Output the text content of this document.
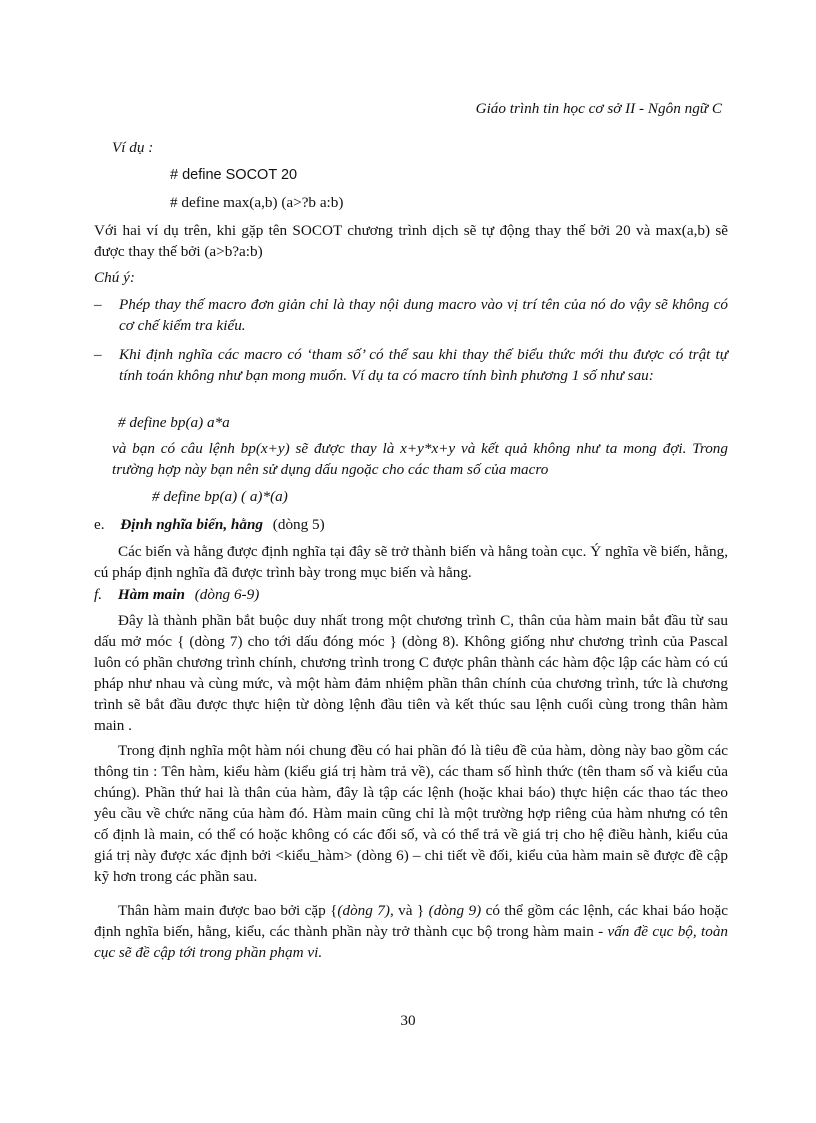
Giáo trình tin học cơ sở II - Ngôn ngữ C
Ví dụ :
# define SOCOT 20
# define max(a,b) (a>?b a:b)
Với hai ví dụ trên, khi gặp tên SOCOT chương trình dịch sẽ tự động thay thế bởi 20 và max(a,b) sẽ được thay thế bởi (a>b?a:b)
Chú ý:
– Phép thay thế macro đơn giản chỉ là thay nội dung macro vào vị trí tên của nó do vậy sẽ không có cơ chế kiểm tra kiểu.
– Khi định nghĩa các macro có ‘tham số’ có thể sau khi thay thế biểu thức mới thu được có trật tự tính toán không như bạn mong muốn. Ví dụ ta có macro tính bình phương 1 số như sau:
# define bp(a) a*a
và bạn có câu lệnh bp(x+y) sẽ được thay là x+y*x+y và kết quả không như ta mong đợi. Trong trường hợp này bạn nên sử dụng dấu ngoặc cho các tham số của macro
# define bp(a) ( a)*(a)
e. Định nghĩa biến, hằng (dòng 5)
Các biến và hằng được định nghĩa tại đây sẽ trở thành biến và hằng toàn cục. Ý nghĩa về biến, hằng, cú pháp định nghĩa đã được trình bày trong mục biến và hằng.
f. Hàm main (dòng 6-9)
Đây là thành phần bắt buộc duy nhất trong một chương trình C, thân của hàm main bắt đầu từ sau dấu mở móc { (dòng 7) cho tới dấu đóng móc } (dòng 8). Không giống như chương trình của Pascal luôn có phần chương trình chính, chương trình trong C được phân thành các hàm độc lập các hàm có cú pháp như nhau và cùng mức, và một hàm đảm nhiệm phần thân chính của chương trình, tức là chương trình sẽ bắt đầu được thực hiện từ dòng lệnh đầu tiên và kết thúc sau lệnh cuối cùng trong thân hàm main .
Trong định nghĩa một hàm nói chung đều có hai phần đó là tiêu đề của hàm, dòng này bao gồm các thông tin : Tên hàm, kiểu hàm (kiểu giá trị hàm trả về), các tham số hình thức (tên tham số và kiểu của chúng). Phần thứ hai là thân của hàm, đây là tập các lệnh (hoặc khai báo) thực hiện các thao tác theo yêu cầu về chức năng của hàm đó. Hàm main cũng chỉ là một trường hợp riêng của hàm nhưng có tên cố định là main, có thể có hoặc không có các đối số, và có thể trả về giá trị cho hệ điều hành, kiểu của giá trị này được xác định bởi <kiểu_hàm> (dòng 6) – chi tiết về đối, kiểu của hàm main sẽ được đề cập kỹ hơn trong các phần sau.
Thân hàm main được bao bởi cặp {(dòng 7), và } (dòng 9) có thể gồm các lệnh, các khai báo hoặc định nghĩa biến, hằng, kiểu, các thành phần này trở thành cục bộ trong hàm main - vấn đề cục bộ, toàn cục sẽ đề cập tới trong phần phạm vi.
30
